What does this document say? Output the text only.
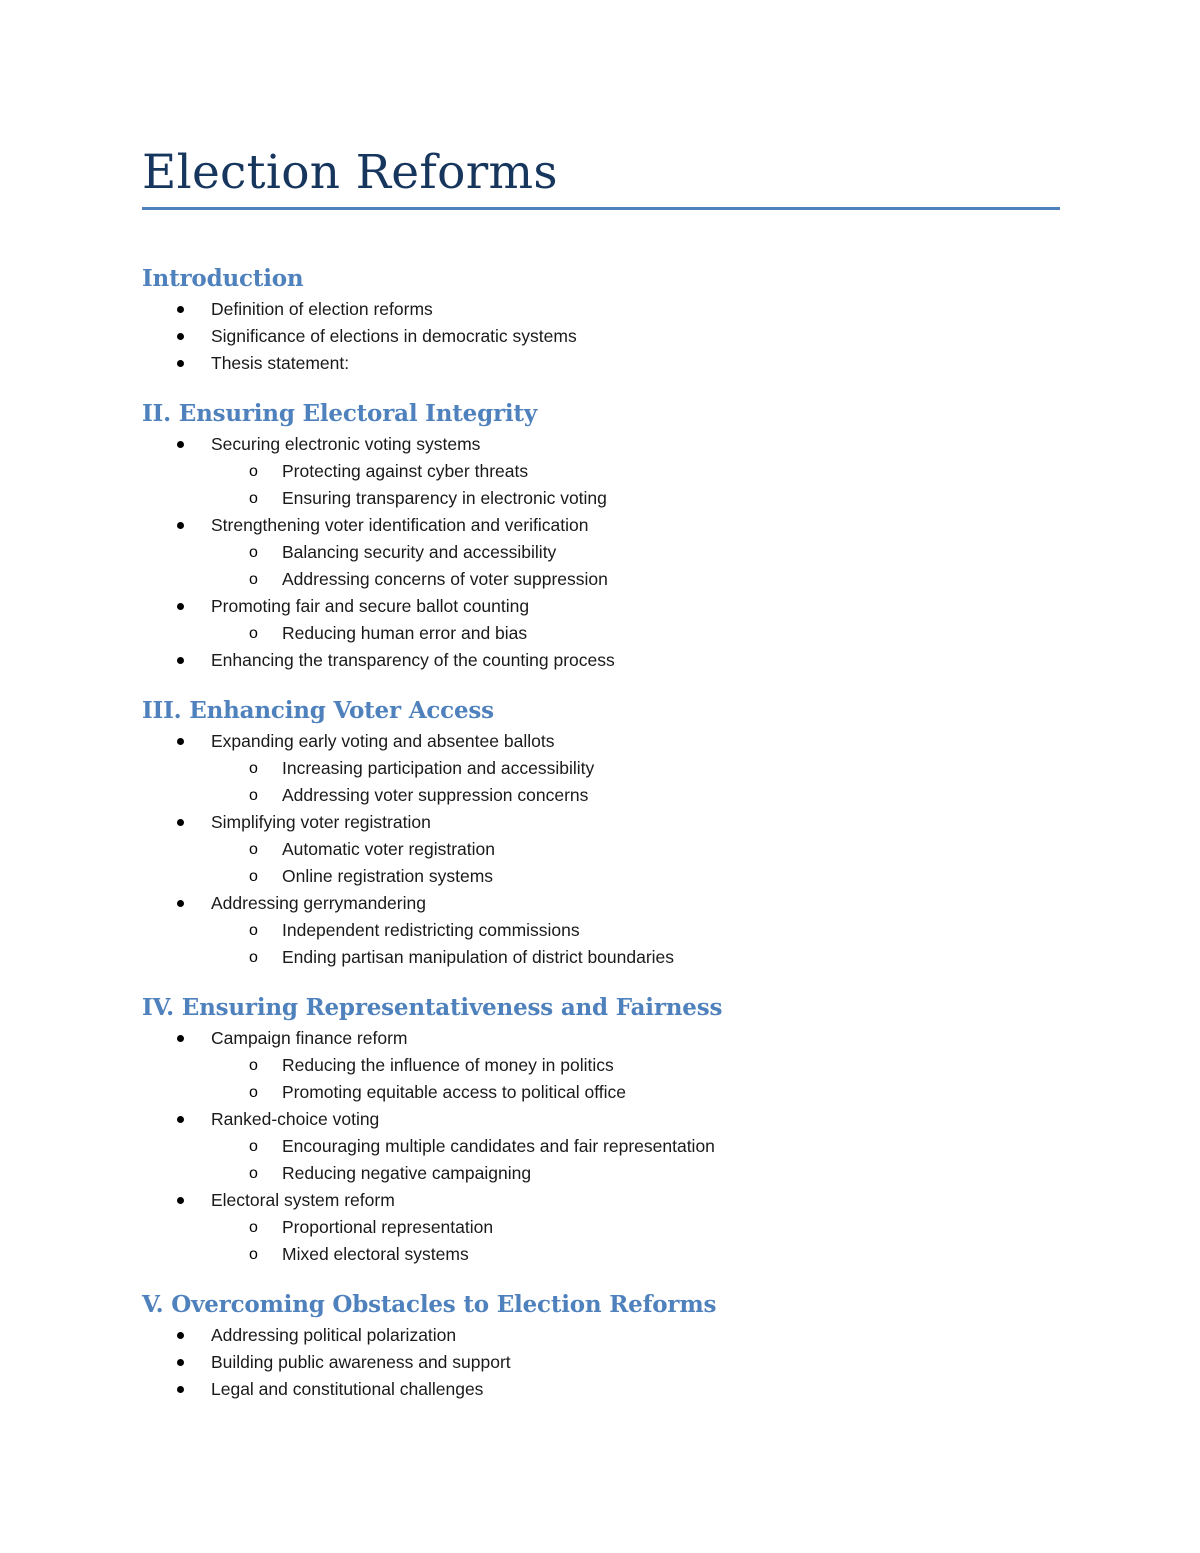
Election Reforms
Introduction
Definition of election reforms
Significance of elections in democratic systems
Thesis statement:
II. Ensuring Electoral Integrity
Securing electronic voting systems
o Protecting against cyber threats
o Ensuring transparency in electronic voting
Strengthening voter identification and verification
o Balancing security and accessibility
o Addressing concerns of voter suppression
Promoting fair and secure ballot counting
o Reducing human error and bias
Enhancing the transparency of the counting process
III. Enhancing Voter Access
Expanding early voting and absentee ballots
o Increasing participation and accessibility
o Addressing voter suppression concerns
Simplifying voter registration
o Automatic voter registration
o Online registration systems
Addressing gerrymandering
o Independent redistricting commissions
o Ending partisan manipulation of district boundaries
IV. Ensuring Representativeness and Fairness
Campaign finance reform
o Reducing the influence of money in politics
o Promoting equitable access to political office
Ranked-choice voting
o Encouraging multiple candidates and fair representation
o Reducing negative campaigning
Electoral system reform
o Proportional representation
o Mixed electoral systems
V. Overcoming Obstacles to Election Reforms
Addressing political polarization
Building public awareness and support
Legal and constitutional challenges
